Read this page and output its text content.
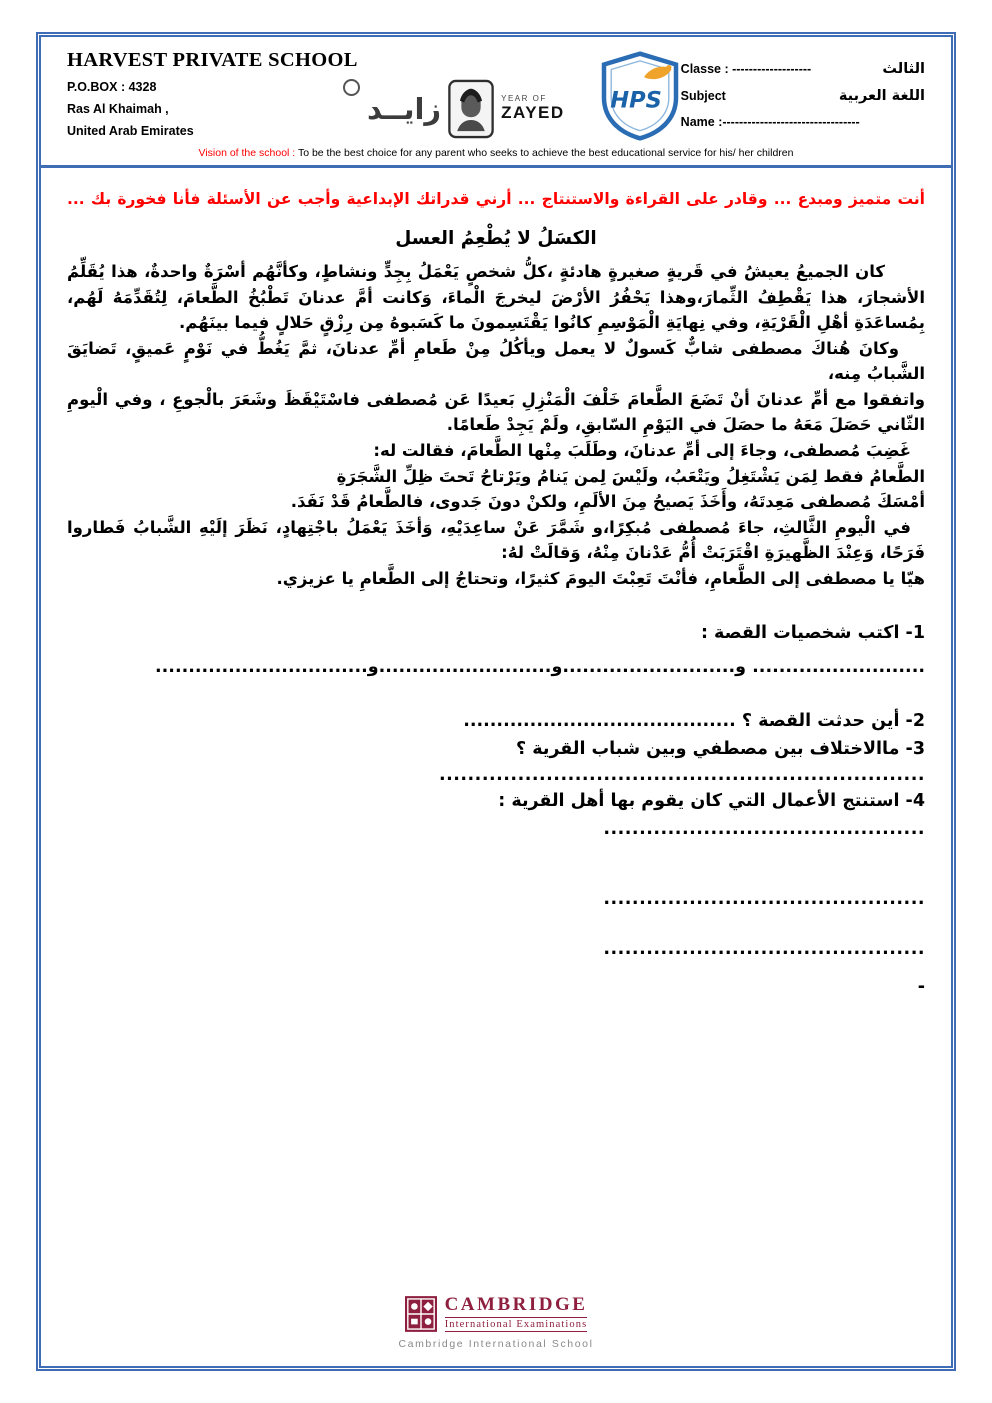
HARVEST PRIVATE SCHOOL
P.O.BOX : 4328
Ras Al Khaimah ,
United Arab Emirates
زايــد	YEAR OF
ZAYED HPS
Classe : -------------------	الثالث
Subject	اللغة العربية
Name :---------------------------------
Vision of the school : To be the best choice for any parent who seeks to achieve the best educational service for his/ her children
أنت متميز ومبدع ... وقادر على القراءة والاستنتاج ... أرني قدراتك الإبداعية وأجب عن الأسئلة فأنا فخورة بك ...
الكسَلُ لا يُطْعِمُ العسل

كان الجميعُ يعيشُ في قَريةٍ صغيرةٍ هادئةٍ ،كلُّ شخصٍ يَعْمَلُ بِجِدٍّ ونشاطٍ، وكأنَّهُم أسْرَةٌ واحدةٌ، هذا يُقَلِّمُ الأشجارَ، هذا يَقْطِفُ الثِّمارَ،وهذا يَحْفُرُ الأرْضَ ليخرجَ الْماءَ، وَكانت أمَّ عدنانَ تَطْبُخُ الطَّعامَ، لِتُقَدِّمَهُ لَهُم، بِمُساعَدَةِ أهْلِ الْقَرْيَةِ، وفي نِهايَةِ الْمَوْسِمِ كانُوا يَقْتَسِمونَ ما كَسَبوهُ مِن رِزْقٍ حَلالٍ فيما بينَهُم.

وكانَ هُناكَ مصطفى شابٌّ كَسولٌ لا يعمل ويأكُلُ مِنْ طَعامِ أمِّ عدنانَ، ثمَّ يَغُطُّ في نَوْمٍ عَميقٍ، تَضايَقَ الشَّبابُ مِنه،

واتفقوا مع أمِّ عدنانَ أنْ تَضَعَ الطَّعامَ خَلْفَ الْمَنْزِلِ بَعيدًا عَن مُصطفى فاسْتَيْقَظَ وشَعَرَ بالْجوعِ ، وفي الْيومِ الثّاني حَصَلَ مَعَهُ ما حصَلَ في اليَوْمِ السّابقِ، ولَمْ يَجِدْ طَعامًا.

غَضِبَ مُصطفى، وجاءَ إلى أمِّ عدنانَ، وطَلَبَ مِنْها الطَّعامَ، فقالت له:

الطَّعامُ فقط لِمَن يَشْتَغِلُ ويَتْعَبُ، ولَيْسَ لِمن يَنامُ ويَرْتاحُ تَحتَ ظِلِّ الشَّجَرَةِ

أمْسَكَ مُصطفى مَعِدتَهُ، وأَخَذَ يَصيحُ مِنَ الألَمِ، ولكنْ دونَ جَدوى، فالطَّعامُ قَدْ نَفَدَ.

في الْيومِ الثَّالثِ، جاءَ مُصطفى مُبكِرًا،و شَمَّرَ عَنْ ساعِدَيْهِ، وَأخَذَ يَعْمَلُ باجْتِهادٍ، نَظَرَ إلَيْهِ الشَّبابُ فَطاروا فَرَحًا، وَعِنْدَ الظَّهيرَةِ اقْتَرَبَتْ أُمُّ عَدْنانَ مِنْهُ، وَقالَتْ لهُ:

هيّا يا مصطفى إلى الطَّعامِ، فأنْتَ تَعِبْتَ اليومَ كثيرًا، وتحتاجُ إلى الطَّعامِ يا عزيزي.

1- اكتب شخصيات القصة :
.......................... و..........................و..........................و................................
2- أين حدثت القصة ؟ .........................................
3- ماالاختلاف بين مصطفي وبين شباب القرية ؟
....................................................................
4- استنتج الأعمال التي كان يقوم بها أهل القرية :
.............................................
.............................................
.............................................
-
CAMBRIDGE
International Examinations
Cambridge International School
